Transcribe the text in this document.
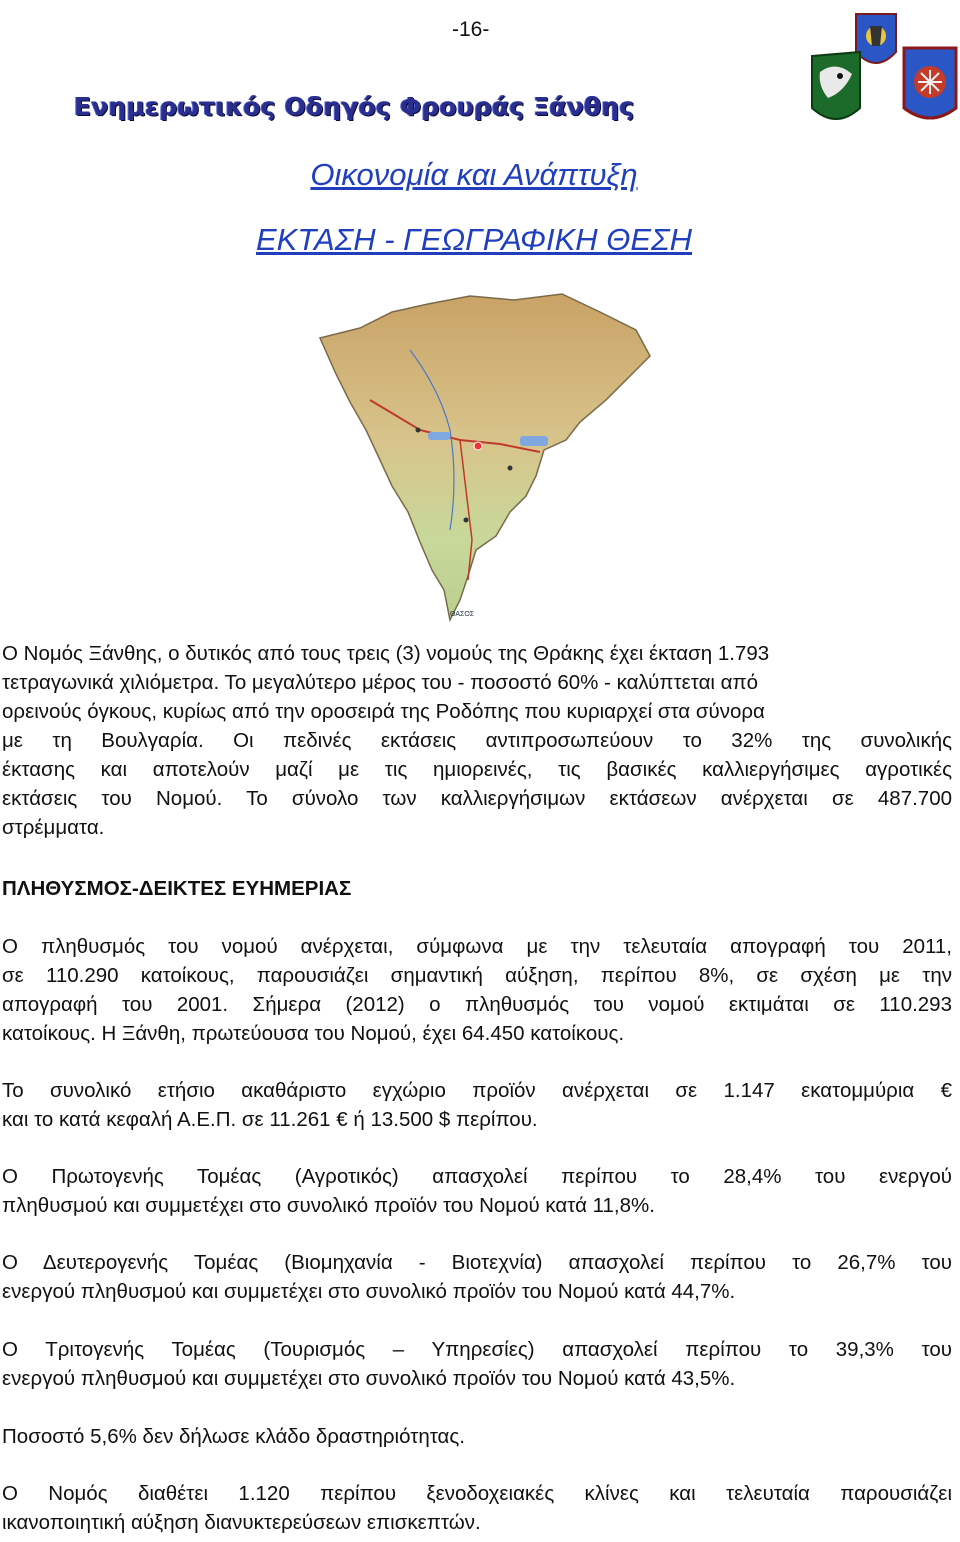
-16-
Ενημερωτικός Οδηγός Φρουράς Ξάνθης
Οικονομία και Ανάπτυξη
ΕΚΤΑΣΗ - ΓΕΩΓΡΑΦΙΚΗ ΘΕΣΗ
ΘΑΣΟΣ
Ο Νομός Ξάνθης, ο δυτικός από τους τρεις (3) νομούς της Θράκης έχει έκταση 1.793
τετραγωνικά χιλιόμετρα. Το μεγαλύτερο μέρος του - ποσοστό 60% - καλύπτεται από
ορεινούς όγκους, κυρίως από την οροσειρά της Ροδόπης που κυριαρχεί στα σύνορα
με τη Βουλγαρία. Οι πεδινές εκτάσεις αντιπροσωπεύουν το 32% της συνολικής
έκτασης και αποτελούν μαζί με τις ημιορεινές, τις βασικές καλλιεργήσιμες αγροτικές
εκτάσεις του Νομού. Το σύνολο των καλλιεργήσιμων εκτάσεων ανέρχεται σε 487.700
στρέμματα.
ΠΛΗΘΥΣΜΟΣ-ΔΕΙΚΤΕΣ ΕΥΗΜΕΡΙΑΣ
Ο πληθυσμός του νομού ανέρχεται, σύμφωνα με την τελευταία απογραφή του 2011,
σε 110.290 κατοίκους, παρουσιάζει σημαντική αύξηση, περίπου 8%, σε σχέση με την
απογραφή του 2001. Σήμερα (2012) ο πληθυσμός του νομού εκτιμάται σε 110.293
κατοίκους. Η Ξάνθη, πρωτεύουσα του Νομού, έχει 64.450 κατοίκους.
Το συνολικό ετήσιο ακαθάριστο εγχώριο προϊόν ανέρχεται σε 1.147 εκατομμύρια €
και το κατά κεφαλή Α.Ε.Π. σε 11.261 € ή 13.500 $ περίπου.
Ο Πρωτογενής Τομέας (Αγροτικός) απασχολεί περίπου το 28,4% του ενεργού
πληθυσμού και συμμετέχει στο συνολικό προϊόν του Νομού κατά 11,8%.
Ο Δευτερογενής Τομέας (Βιομηχανία - Βιοτεχνία) απασχολεί περίπου το 26,7% του
ενεργού πληθυσμού και συμμετέχει στο συνολικό προϊόν του Νομού κατά 44,7%.
Ο Τριτογενής Τομέας (Τουρισμός – Υπηρεσίες) απασχολεί περίπου το 39,3% του
ενεργού πληθυσμού και συμμετέχει στο συνολικό προϊόν του Νομού κατά 43,5%.
Ποσοστό 5,6% δεν δήλωσε κλάδο δραστηριότητας.
Ο Νομός διαθέτει 1.120 περίπου ξενοδοχειακές κλίνες και τελευταία παρουσιάζει
ικανοποιητική αύξηση διανυκτερεύσεων επισκεπτών.
